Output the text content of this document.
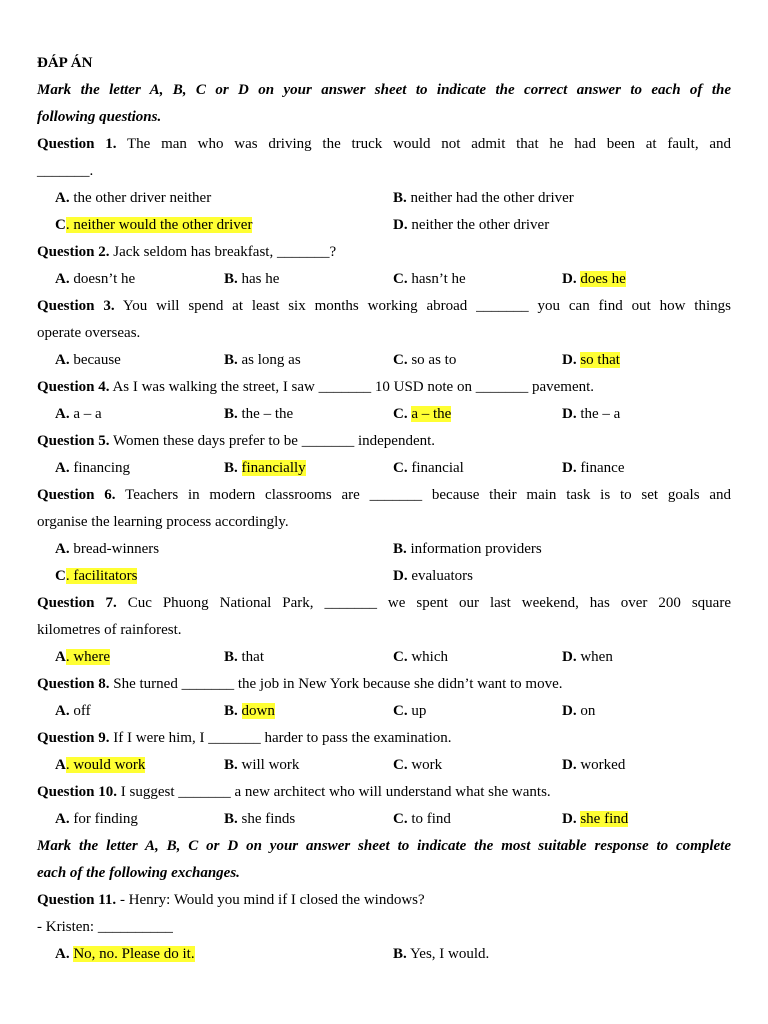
ĐÁP ÁN
Mark the letter A, B, C or D on your answer sheet to indicate the correct answer to each of the
following questions.
Question 1. The man who was driving the truck would not admit that he had been at fault, and
_______.
A. the other driver neither	B. neither had the other driver
C. neither would the other driver	D. neither the other driver
Question 2. Jack seldom has breakfast, _______?
A. doesn’t he	B. has he	C. hasn’t he	D. does he
Question 3. You will spend at least six months working abroad _______ you can find out how things
operate overseas.
A. because	B. as long as	C. so as to	D. so that
Question 4. As I was walking the street, I saw _______ 10 USD note on _______ pavement.
A. a – a	B. the – the	C. a – the	D. the – a
Question 5. Women these days prefer to be _______ independent.
A. financing	B. financially	C. financial	D. finance
Question 6. Teachers in modern classrooms are _______ because their main task is to set goals and
organise the learning process accordingly.
A. bread-winners	B. information providers
C. facilitators	D. evaluators
Question 7. Cuc Phuong National Park, _______ we spent our last weekend, has over 200 square
kilometres of rainforest.
A. where	B. that	C. which	D. when
Question 8. She turned _______ the job in New York because she didn’t want to move.
A. off	B. down	C. up	D. on
Question 9. If I were him, I _______ harder to pass the examination.
A. would work	B. will work	C. work	D. worked
Question 10. I suggest _______ a new architect who will understand what she wants.
A. for finding	B. she finds	C. to find	D. she find
Mark the letter A, B, C or D on your answer sheet to indicate the most suitable response to complete
each of the following exchanges.
Question 11. - Henry: Would you mind if I closed the windows?
- Kristen: __________
A. No, no. Please do it.	B. Yes, I would.
